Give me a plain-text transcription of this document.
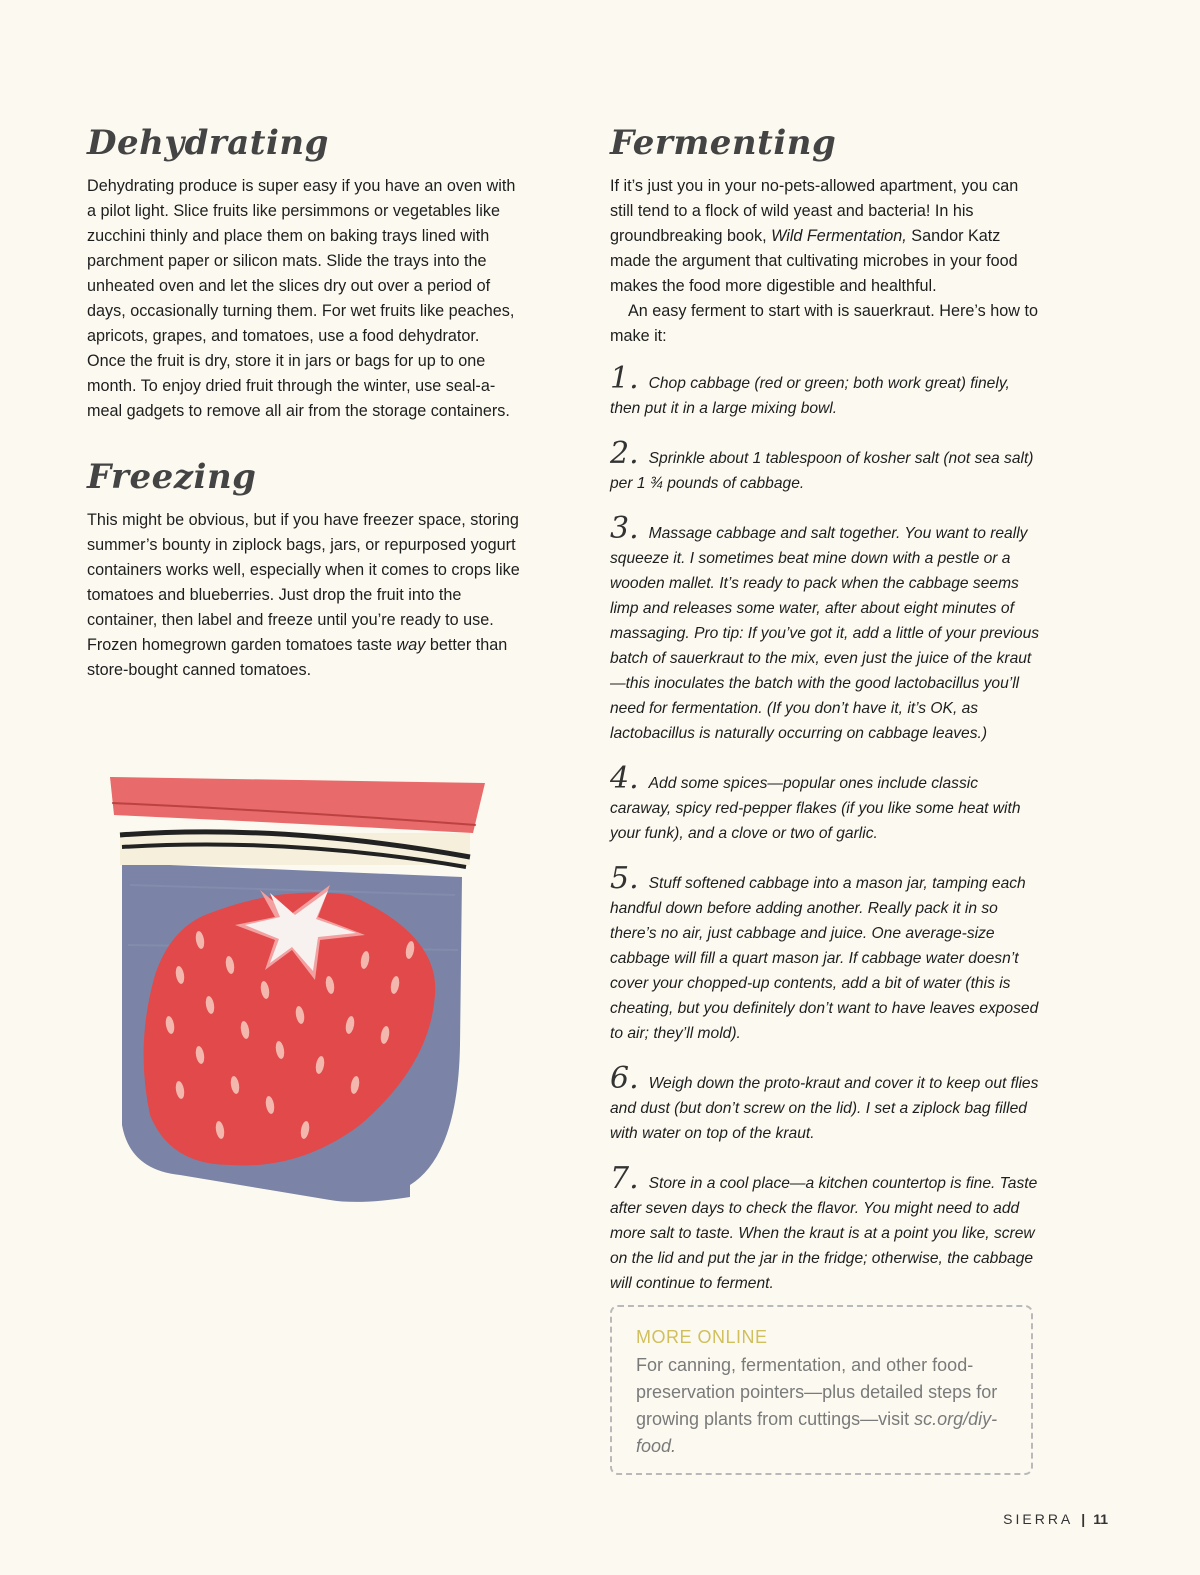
Dehydrating

Dehydrating produce is super easy if you have an oven with a pilot light. Slice fruits like persimmons or vegetables like zucchini thinly and place them on baking trays lined with parchment paper or silicon mats. Slide the trays into the unheated oven and let the slices dry out over a period of days, occasionally turning them. For wet fruits like peaches, apricots, grapes, and tomatoes, use a food dehydrator. Once the fruit is dry, store it in jars or bags for up to one month. To enjoy dried fruit through the winter, use seal-a-meal gadgets to remove all air from the storage containers.

Freezing

This might be obvious, but if you have freezer space, storing summer’s bounty in ziplock bags, jars, or repurposed yogurt containers works well, especially when it comes to crops like tomatoes and blueberries. Just drop the fruit into the container, then label and freeze until you’re ready to use. Frozen homegrown garden tomatoes taste way better than store-bought canned tomatoes.

Fermenting

If it’s just you in your no-pets-allowed apartment, you can still tend to a flock of wild yeast and bacteria! In his groundbreaking book, Wild Fermentation, Sandor Katz made the argument that cultivating microbes in your food makes the food more digestible and healthful.

An easy ferment to start with is sauerkraut. Here’s how to make it:

1. Chop cabbage (red or green; both work great) finely, then put it in a large mixing bowl.
2. Sprinkle about 1 tablespoon of kosher salt (not sea salt) per 1 ¾ pounds of cabbage.
3. Massage cabbage and salt together. You want to really squeeze it. I sometimes beat mine down with a pestle or a wooden mallet. It’s ready to pack when the cabbage seems limp and releases some water, after about eight minutes of massaging. Pro tip: If you’ve got it, add a little of your previous batch of sauerkraut to the mix, even just the juice of the kraut—this inoculates the batch with the good lactobacillus you’ll need for fermentation. (If you don’t have it, it’s OK, as lactobacillus is naturally occurring on cabbage leaves.)
4. Add some spices—popular ones include classic caraway, spicy red-pepper flakes (if you like some heat with your funk), and a clove or two of garlic.
5. Stuff softened cabbage into a mason jar, tamping each handful down before adding another. Really pack it in so there’s no air, just cabbage and juice. One average-size cabbage will fill a quart mason jar. If cabbage water doesn’t cover your chopped-up contents, add a bit of water (this is cheating, but you definitely don’t want to have leaves exposed to air; they’ll mold).
6. Weigh down the proto-kraut and cover it to keep out flies and dust (but don’t screw on the lid). I set a ziplock bag filled with water on top of the kraut.
7. Store in a cool place—a kitchen countertop is fine. Taste after seven days to check the flavor. You might need to add more salt to taste. When the kraut is at a point you like, screw on the lid and put the jar in the fridge; otherwise, the cabbage will continue to ferment.
MORE ONLINE

For canning, fermentation, and other food-preservation pointers—plus detailed steps for growing plants from cuttings—visit sc.org/diy-food.

SIERRA | 11
